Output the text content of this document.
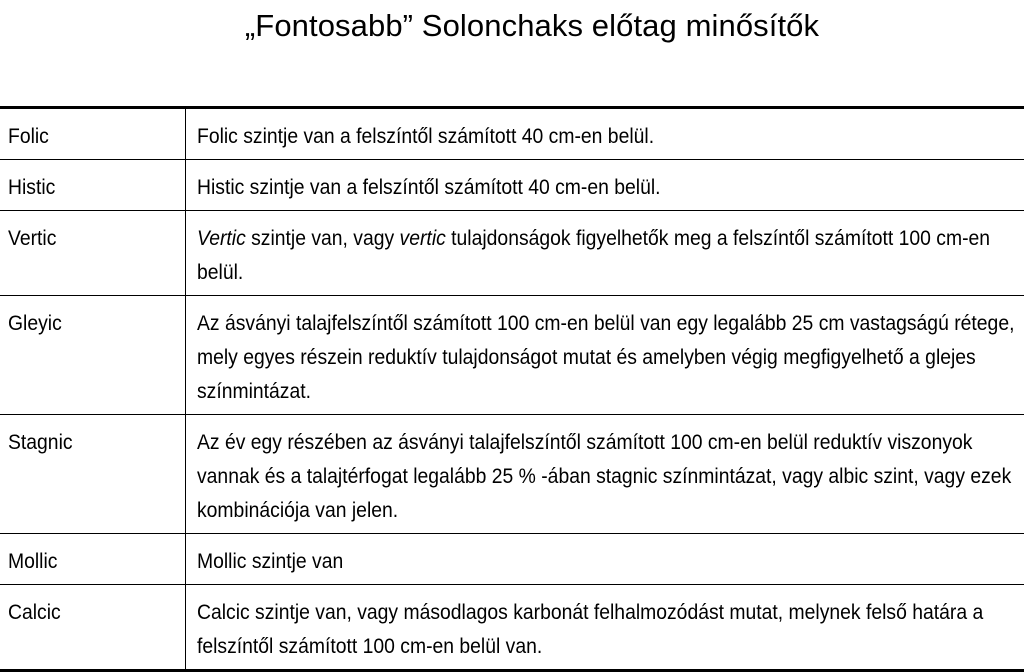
„Fontosabb” Solonchaks előtag minősítők
Folic	Folic szintje van a felszíntől számított 40 cm-en belül.

Histic	Histic szintje van a felszíntől számított 40 cm-en belül.

Vertic	Vertic szintje van, vagy vertic tulajdonságok figyelhetők meg a felszíntől számított 100 cm-en belül.

Gleyic	Az ásványi talajfelszíntől számított 100 cm-en belül van egy legalább 25 cm vastagságú rétege, mely egyes részein reduktív tulajdonságot mutat és amelyben végig megfigyelhető a glejes színmintázat.

Stagnic	Az év egy részében az ásványi talajfelszíntől számított 100 cm-en belül reduktív viszonyok vannak és a talajtérfogat legalább 25 % -ában stagnic színmintázat, vagy albic szint, vagy ezek kombinációja van jelen.

Mollic	Mollic szintje van

Calcic	Calcic szintje van, vagy másodlagos karbonát felhalmozódást mutat, melynek felső határa a felszíntől számított 100 cm-en belül van.
